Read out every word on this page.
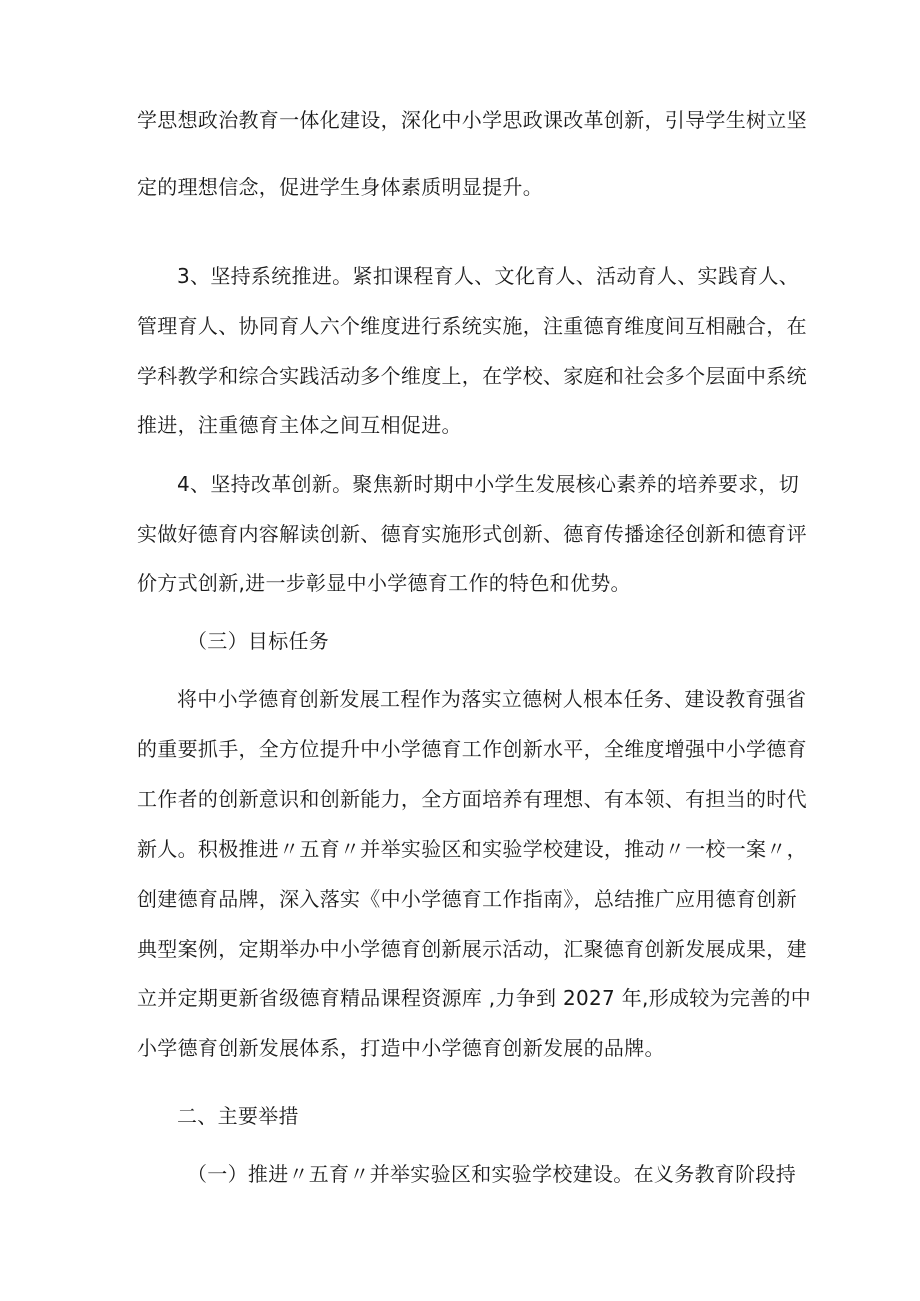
学思想政治教育一体化建设，深化中小学思政课改革创新，引导学生树立坚

定的理想信念，促进学生身体素质明显提升。

3、坚持系统推进。紧扣课程育人、文化育人、活动育人、实践育人、

管理育人、协同育人六个维度进行系统实施，注重德育维度间互相融合，在

学科教学和综合实践活动多个维度上，在学校、家庭和社会多个层面中系统

推进，注重德育主体之间互相促进。

4、坚持改革创新。聚焦新时期中小学生发展核心素养的培养要求，切

实做好德育内容解读创新、德育实施形式创新、德育传播途径创新和德育评

价方式创新,进一步彰显中小学德育工作的特色和优势。

（三）目标任务

将中小学德育创新发展工程作为落实立德树人根本任务、建设教育强省

的重要抓手，全方位提升中小学德育工作创新水平，全维度增强中小学德育

工作者的创新意识和创新能力，全方面培养有理想、有本领、有担当的时代

新人。积极推进〃五育〃并举实验区和实验学校建设，推动〃一校一案〃，

创建德育品牌，深入落实《中小学德育工作指南》，总结推广应用德育创新

典型案例，定期举办中小学德育创新展示活动，汇聚德育创新发展成果，建

立并定期更新省级德育精品课程资源库 ,力争到 2027 年,形成较为完善的中

小学德育创新发展体系，打造中小学德育创新发展的品牌。

二、主要举措

（一）推进〃五育〃并举实验区和实验学校建设。在义务教育阶段持
